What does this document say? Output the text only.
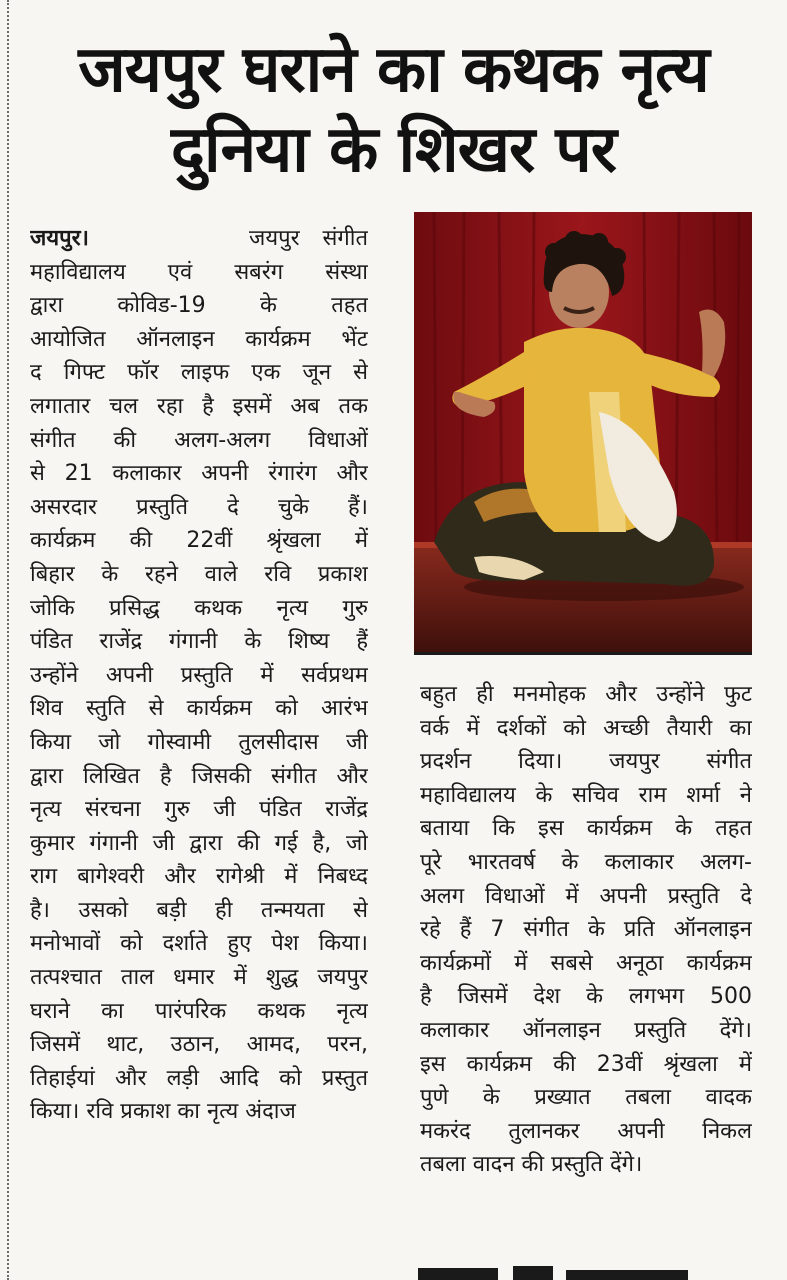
जयपुर घराने का कथक नृत्य
दुनिया के शिखर पर
जयपुर।	जयपुर संगीत
महाविद्यालय एवं सबरंग संस्था
द्वारा कोविड-19 के तहत
आयोजित ऑनलाइन कार्यक्रम भेंट
द गिफ्ट फॉर लाइफ एक जून से
लगातार चल रहा है इसमें अब तक
संगीत की अलग-अलग विधाओं
से 21 कलाकार अपनी रंगारंग और
असरदार प्रस्तुति दे चुके हैं।
कार्यक्रम की 22वीं श्रृंखला में
बिहार के रहने वाले रवि प्रकाश
जोकि प्रसिद्ध कथक नृत्य गुरु
पंडित राजेंद्र गंगानी के शिष्य हैं
उन्होंने अपनी प्रस्तुति में सर्वप्रथम
शिव स्तुति से कार्यक्रम को आरंभ
किया जो गोस्वामी तुलसीदास जी
द्वारा लिखित है जिसकी संगीत और
नृत्य संरचना गुरु जी पंडित राजेंद्र
कुमार गंगानी जी द्वारा की गई है, जो
राग बागेश्वरी और रागेश्री में निबध्द
है। उसको बड़ी ही तन्मयता से
मनोभावों को दर्शाते हुए पेश किया।
तत्पश्चात ताल धमार में शुद्ध जयपुर
घराने का पारंपरिक कथक नृत्य
जिसमें थाट, उठान, आमद, परन,
तिहाईयां और लड़ी आदि को प्रस्तुत
किया। रवि प्रकाश का नृत्य अंदाज
बहुत ही मनमोहक और उन्होंने फुट
वर्क में दर्शकों को अच्छी तैयारी का
प्रदर्शन दिया। जयपुर संगीत
महाविद्यालय के सचिव राम शर्मा ने
बताया कि इस कार्यक्रम के तहत
पूरे भारतवर्ष के कलाकार अलग-
अलग विधाओं में अपनी प्रस्तुति दे
रहे हैं 7 संगीत के प्रति ऑनलाइन
कार्यक्रमों में सबसे अनूठा कार्यक्रम
है जिसमें देश के लगभग 500
कलाकार ऑनलाइन प्रस्तुति देंगे।
इस कार्यक्रम की 23वीं श्रृंखला में
पुणे के प्रख्यात तबला वादक
मकरंद तुलानकर अपनी निकल
तबला वादन की प्रस्तुति देंगे।
